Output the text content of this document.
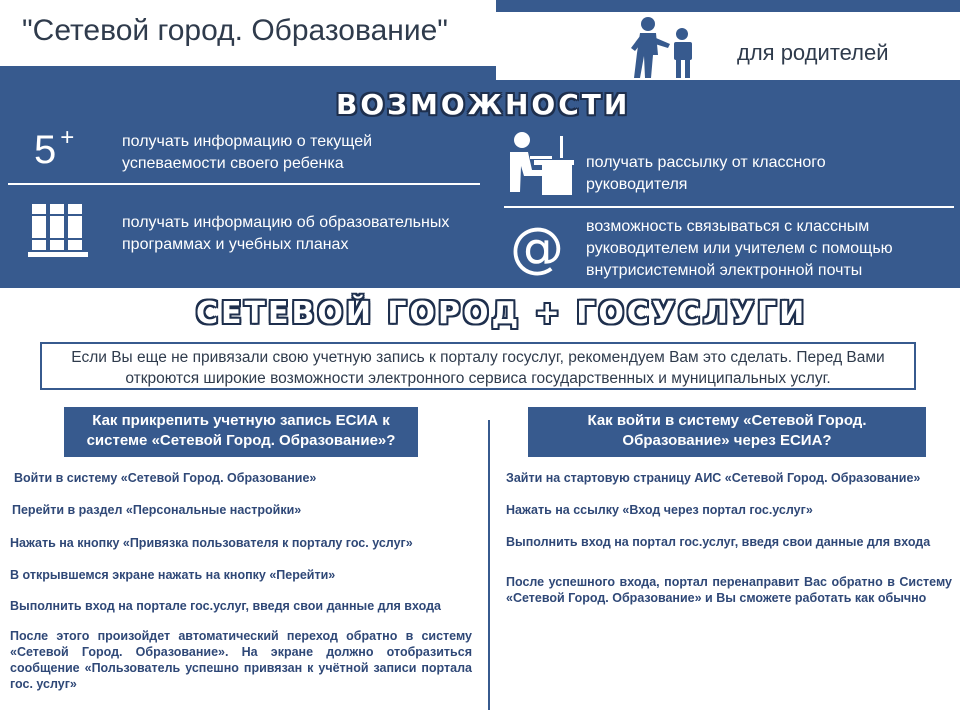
"Сетевой город. Образование"
для родителей
ВОЗМОЖНОСТИ
5 +	получать информацию о текущей успеваемости своего ребенка
получать информацию об образовательных программах и учебных планах
получать рассылку от классного руководителя
@ возможность связываться с классным руководителем или учителем с помощью внутрисистемной электронной почты
СЕТЕВОЙ ГОРОД + ГОСУСЛУГИ
Если Вы еще не привязали свою учетную запись к порталу госуслуг, рекомендуем Вам это сделать. Перед Вами откроются широкие возможности электронного сервиса государственных и муниципальных услуг.
Как прикрепить учетную запись ЕСИА к системе «Сетевой Город. Образование»?
Войти в систему «Сетевой Город. Образование»
Перейти в раздел «Персональные настройки»
Нажать на кнопку «Привязка пользователя к порталу гос. услуг»
В открывшемся экране нажать на кнопку «Перейти»
Выполнить вход на портале гос.услуг, введя свои данные для входа
После этого произойдет автоматический переход обратно в систему «Сетевой Город. Образование». На экране должно отобразиться сообщение «Пользователь успешно привязан к учётной записи портала гос. услуг»
Как войти в систему «Сетевой Город. Образование» через ЕСИА?
Зайти на стартовую страницу АИС «Сетевой Город. Образование»
Нажать на ссылку «Вход через портал гос.услуг»
Выполнить вход на портал гос.услуг, введя свои данные для входа
После успешного входа, портал перенаправит Вас обратно в Систему «Сетевой Город. Образование» и Вы сможете работать как обычно
